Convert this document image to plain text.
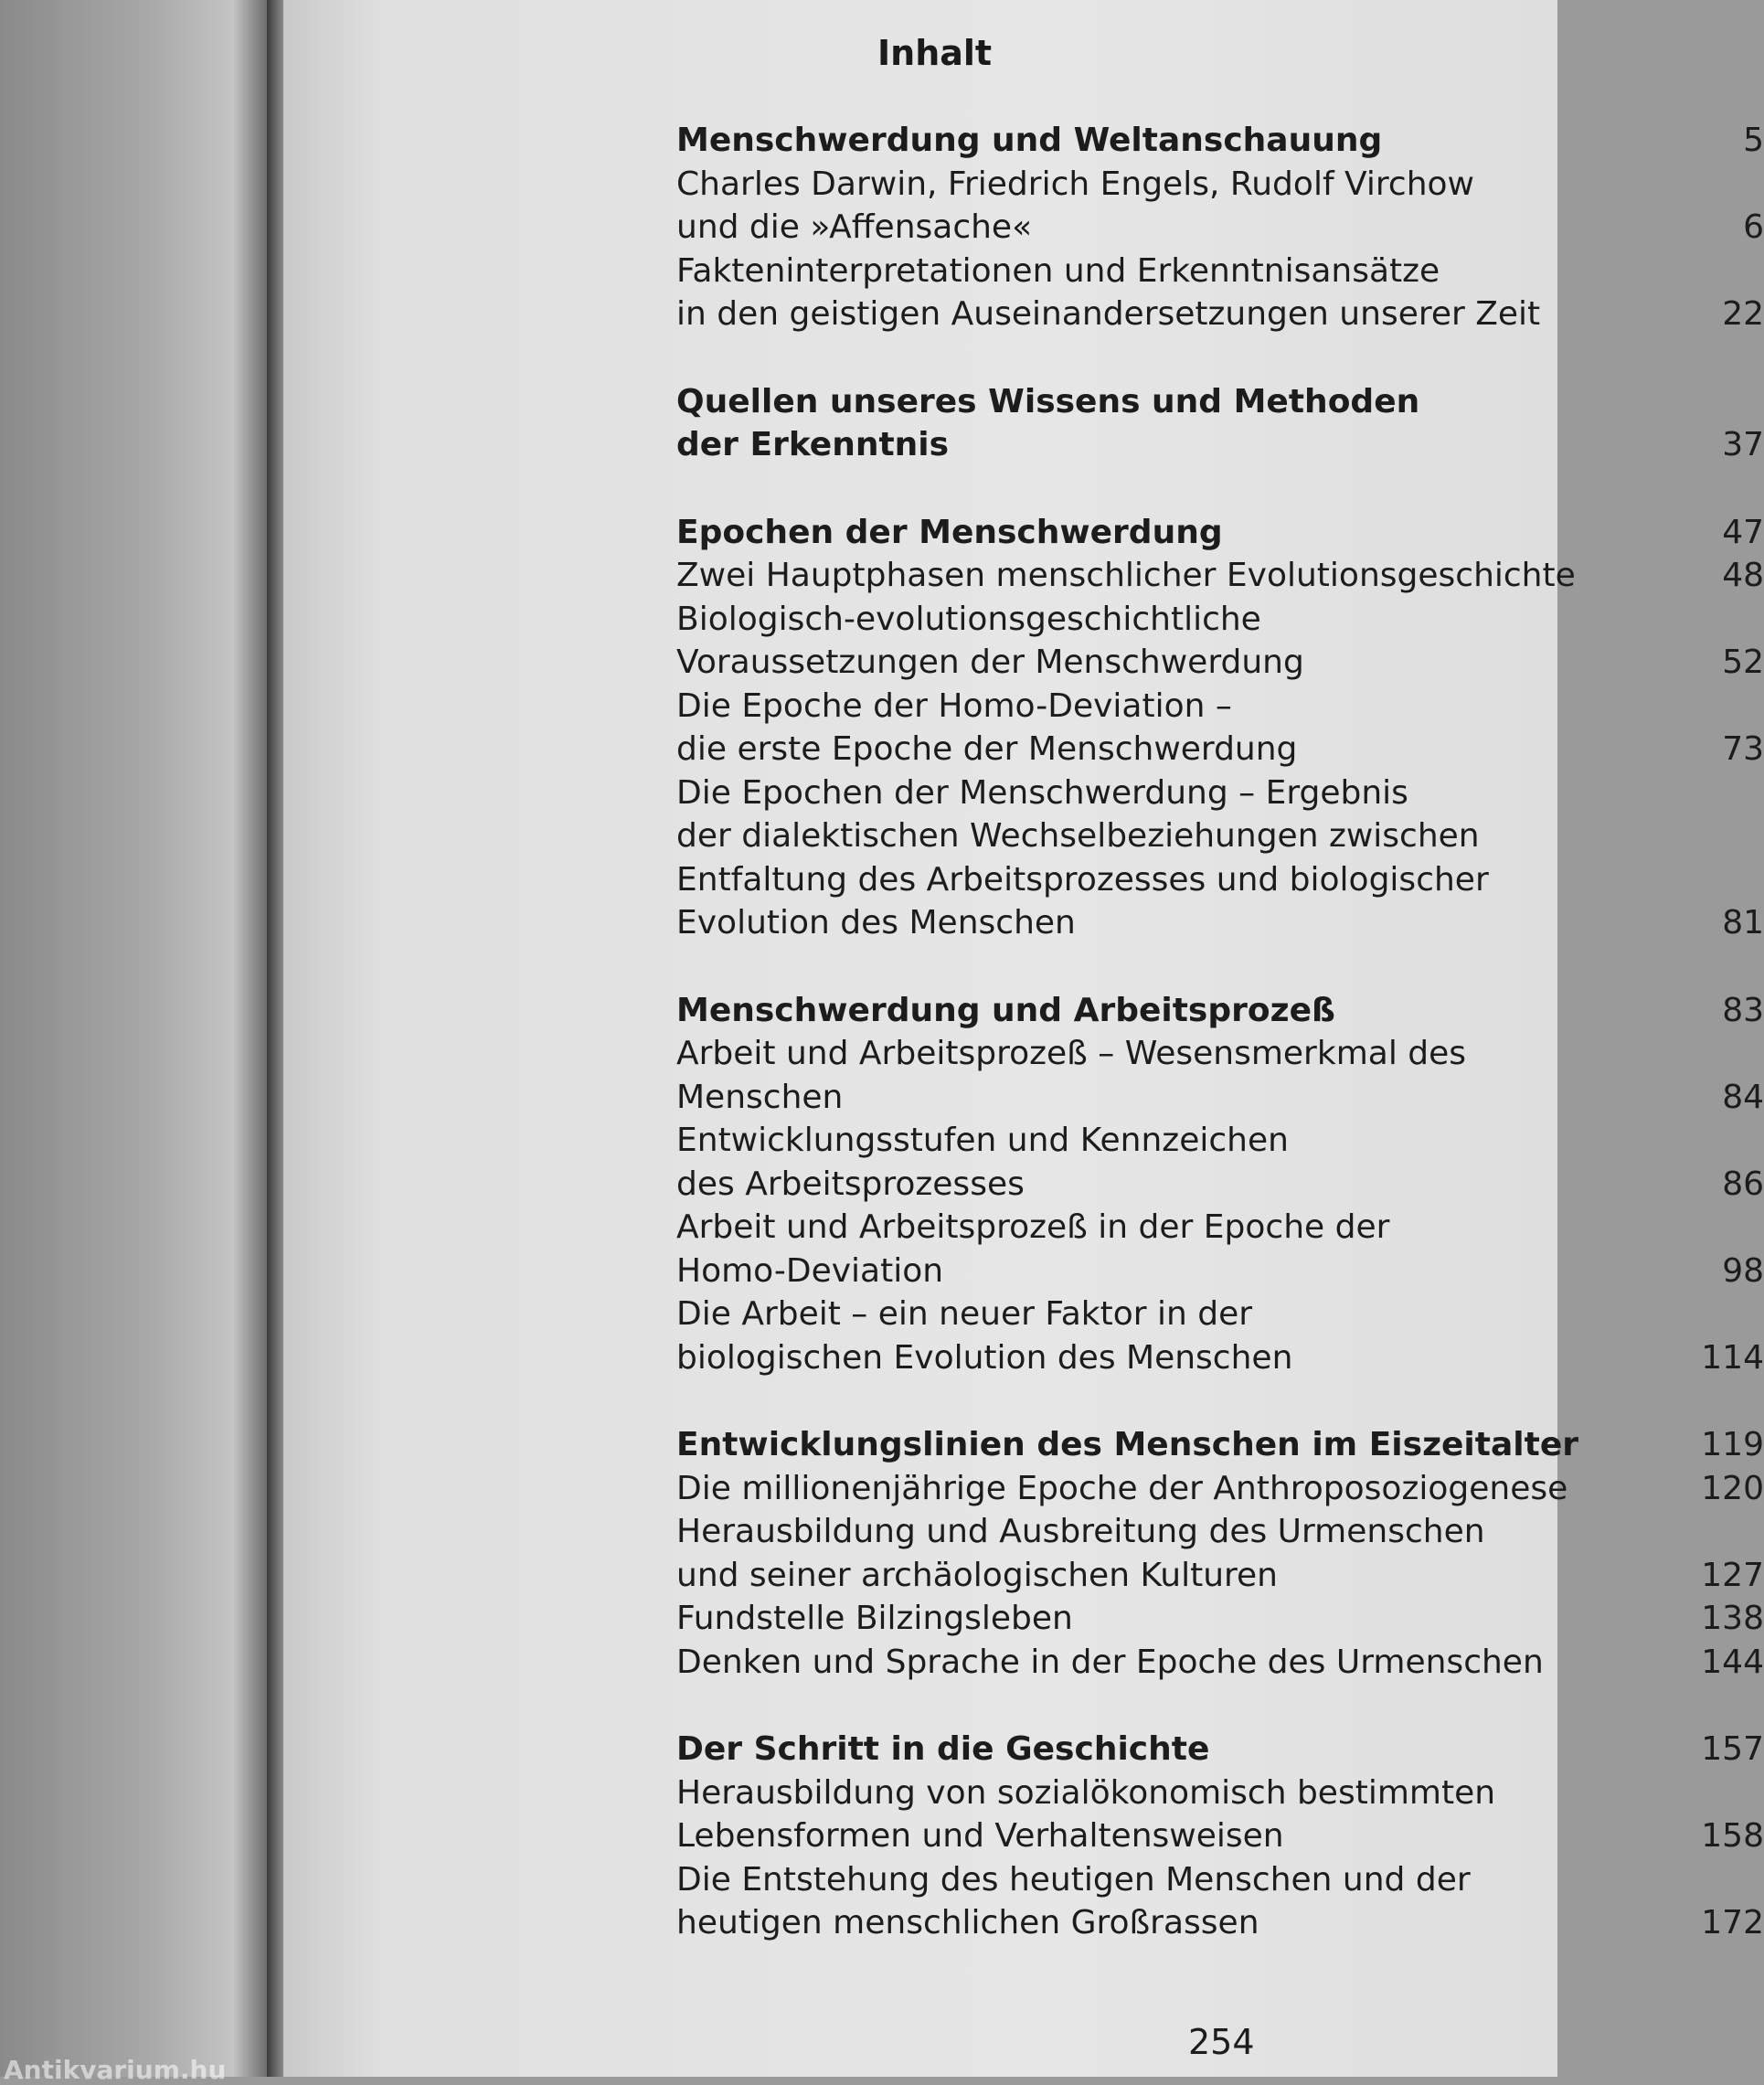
Inhalt
Menschwerdung und Weltanschauung	5
Charles Darwin, Friedrich Engels, Rudolf Virchow
und die »Affensache«	6
Fakteninterpretationen und Erkenntnisansätze
in den geistigen Auseinandersetzungen unserer Zeit	22
Quellen unseres Wissens und Methoden
der Erkenntnis	37
Epochen der Menschwerdung	47
Zwei Hauptphasen menschlicher Evolutionsgeschichte	48
Biologisch-evolutionsgeschichtliche
Voraussetzungen der Menschwerdung	52
Die Epoche der Homo-Deviation –
die erste Epoche der Menschwerdung	73
Die Epochen der Menschwerdung – Ergebnis
der dialektischen Wechselbeziehungen zwischen
Entfaltung des Arbeitsprozesses und biologischer
Evolution des Menschen	81
Menschwerdung und Arbeitsprozeß	83
Arbeit und Arbeitsprozeß – Wesensmerkmal des
Menschen	84
Entwicklungsstufen und Kennzeichen
des Arbeitsprozesses	86
Arbeit und Arbeitsprozeß in der Epoche der
Homo-Deviation	98
Die Arbeit – ein neuer Faktor in der
biologischen Evolution des Menschen	114
Entwicklungslinien des Menschen im Eiszeitalter	119
Die millionenjährige Epoche der Anthroposoziogenese	120
Herausbildung und Ausbreitung des Urmenschen
und seiner archäologischen Kulturen	127
Fundstelle Bilzingsleben	138
Denken und Sprache in der Epoche des Urmenschen	144
Der Schritt in die Geschichte	157
Herausbildung von sozialökonomisch bestimmten
Lebensformen und Verhaltensweisen	158
Die Entstehung des heutigen Menschen und der
heutigen menschlichen Großrassen	172
254
Antikvarium.hu
